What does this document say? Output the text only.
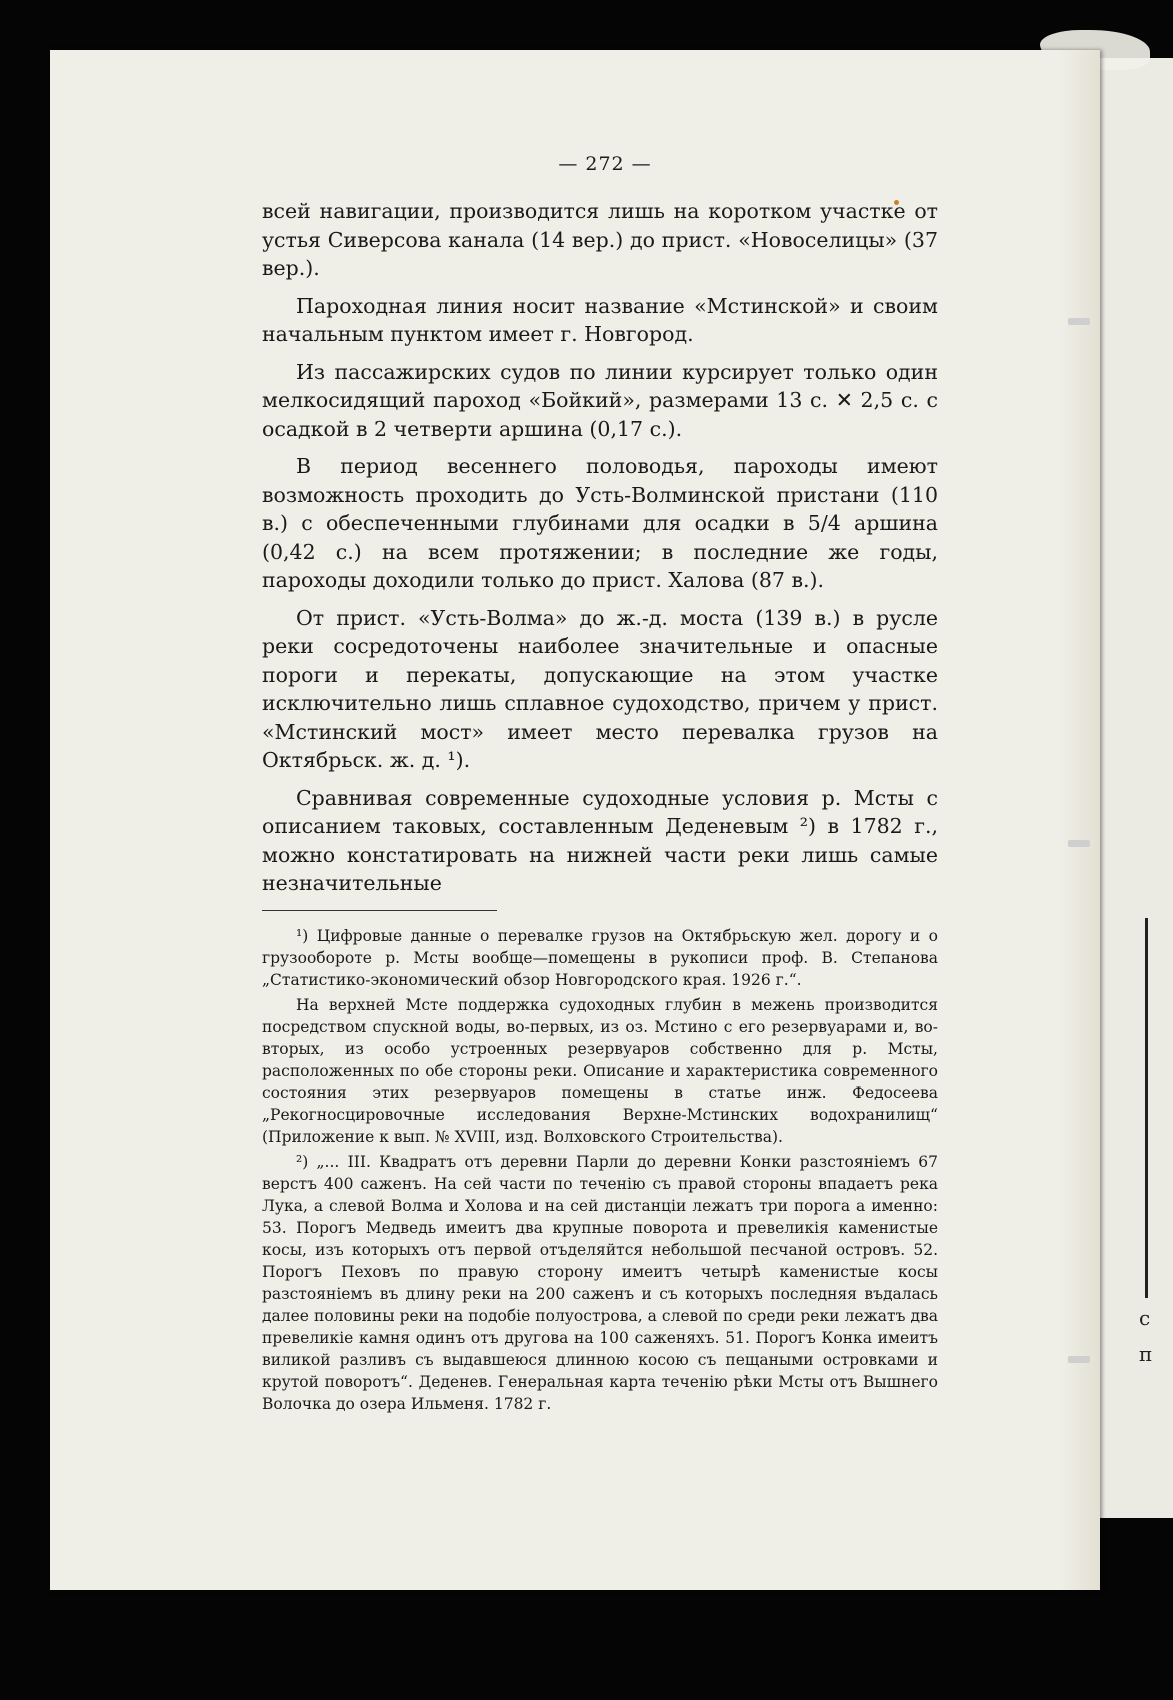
с
п
— 272 —

всей навигации, производится лишь на коротком участке от устья Сиверсова канала (14 вер.) до прист. «Новоселицы» (37 вер.).

Пароходная линия носит название «Мстинской» и своим начальным пунктом имеет г. Новгород.

Из пассажирских судов по линии курсирует только один мелкосидящий пароход «Бойкий», размерами 13 с. ✕ 2,5 с. с осадкой в 2 четверти аршина (0,17 с.).

В период весеннего половодья, пароходы имеют возможность проходить до Усть-Волминской пристани (110 в.) с обеспеченными глубинами для осадки в 5/4 аршина (0,42 с.) на всем протяжении; в последние же годы, пароходы доходили только до прист. Халова (87 в.).

От прист. «Усть-Волма» до ж.-д. моста (139 в.) в русле реки сосредоточены наиболее значительные и опасные пороги и перекаты, допускающие на этом участке исключительно лишь сплавное судоходство, причем у прист. «Мстинский мост» имеет место перевалка грузов на Октябрьск. ж. д. ¹).

Сравнивая современные судоходные условия р. Мсты с описанием таковых, составленным Деденевым ²) в 1782 г., можно констатировать на нижней части реки лишь самые незначительные

¹) Цифровые данные о перевалке грузов на Октябрьскую жел. дорогу и о грузообороте р. Мсты вообще—помещены в рукописи проф. В. Степанова „Статистико-экономический обзор Новгородского края. 1926 г.“.

На верхней Мсте поддержка судоходных глубин в межень производится посредством спускной воды, во-первых, из оз. Мстино с его резервуарами и, во-вторых, из особо устроенных резервуаров собственно для р. Мсты, расположенных по обе стороны реки. Описание и характеристика современного состояния этих резервуаров помещены в статье инж. Федосеева „Рекогносцировочные исследования Верхне-Мстинских водохранилищ“ (Приложение к вып. № XVIII, изд. Волховского Строительства).

²) „... III. Квадратъ отъ деревни Парли до деревни Конки разстояніемъ 67 верстъ 400 саженъ. На сей части по теченію съ правой стороны впадаетъ река Лука, а слевой Волма и Холова и на сей дистанціи лежатъ три порога а именно: 53. Порогъ Медведь имеитъ два крупные поворота и превеликія каменистые косы, изъ которыхъ отъ первой отъделяйтся небольшой песчаной островъ. 52. Порогъ Пеховъ по правую сторону имеитъ четырѣ каменистые косы разстояніемъ въ длину реки на 200 саженъ и съ которыхъ последняя въдалась далее половины реки на подобіе полуострова, а слевой по среди реки лежатъ два превеликіе камня одинъ отъ другова на 100 саженяхъ. 51. Порогъ Конка имеитъ виликой разливъ съ выдавшеюся длинною косою съ пещаными островками и крутой поворотъ“. Деденев. Генеральная карта теченію рѣки Мсты отъ Вышнего Волочка до озера Ильменя. 1782 г.
